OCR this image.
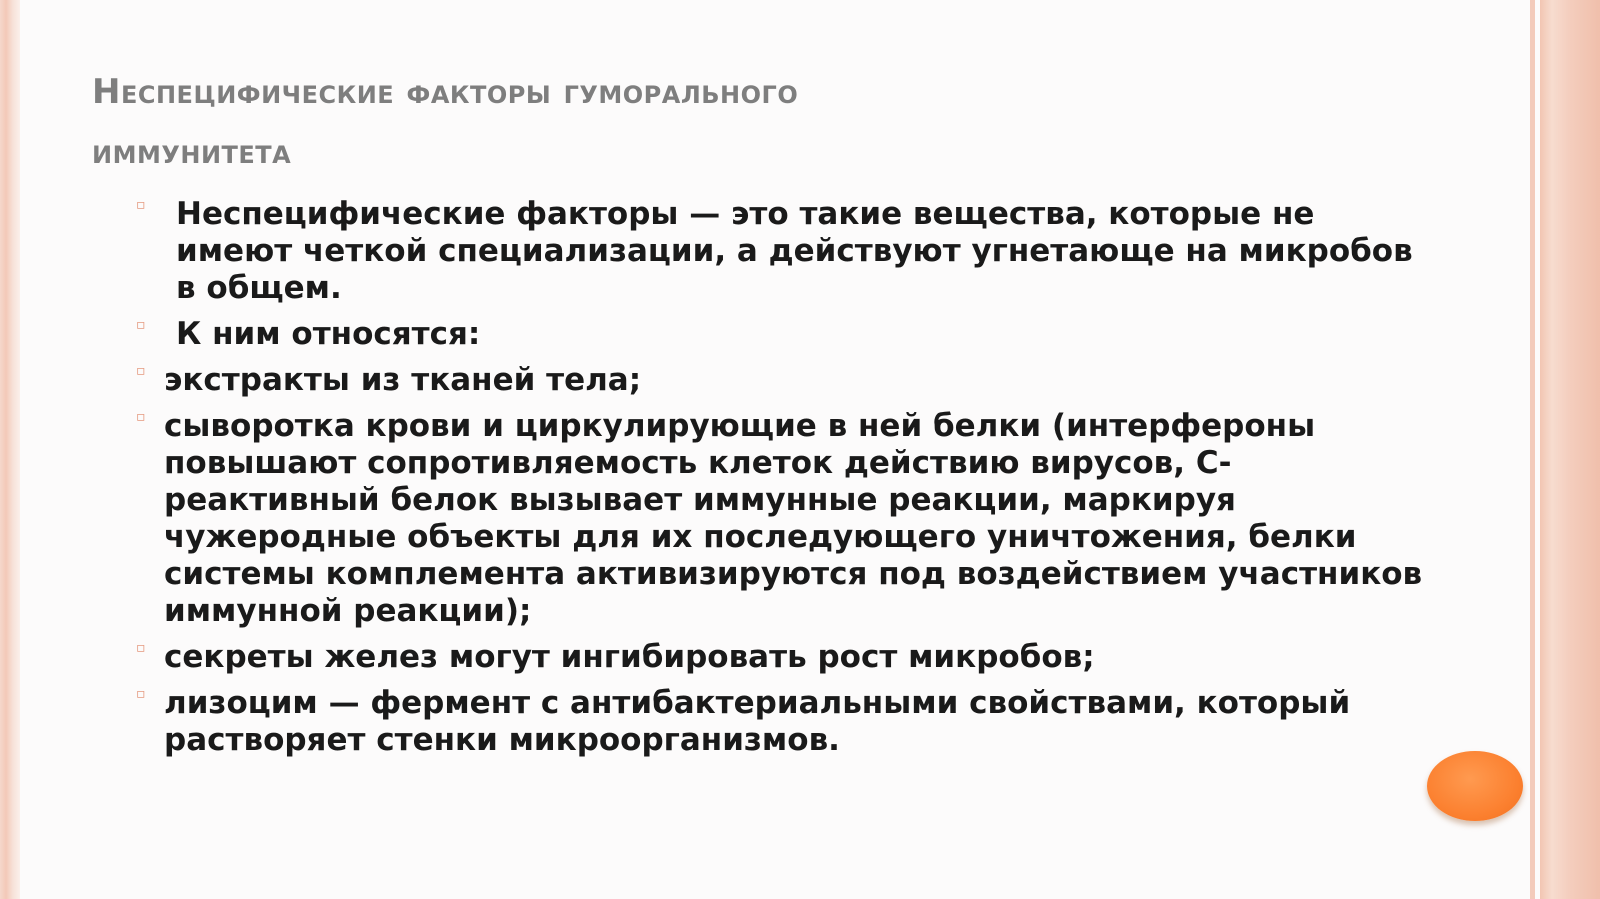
Неспецифические факторы гуморального
иммунитета
▫ Неспецифические факторы — это такие вещества, которые не имеют четкой специализации, а действуют угнетающе на микробов в общем.
▫ К ним относятся:
▫ экстракты из тканей тела;
▫ сыворотка крови и циркулирующие в ней белки (интерфероны повышают сопротивляемость клеток действию вирусов, С-реактивный белок вызывает иммунные реакции, маркируя чужеродные объекты для их последующего уничтожения, белки системы комплемента активизируются под воздействием участников иммунной реакции);
▫ секреты желез могут ингибировать рост микробов;
▫ лизоцим — фермент с антибактериальными свойствами, который растворяет стенки микроорганизмов.
